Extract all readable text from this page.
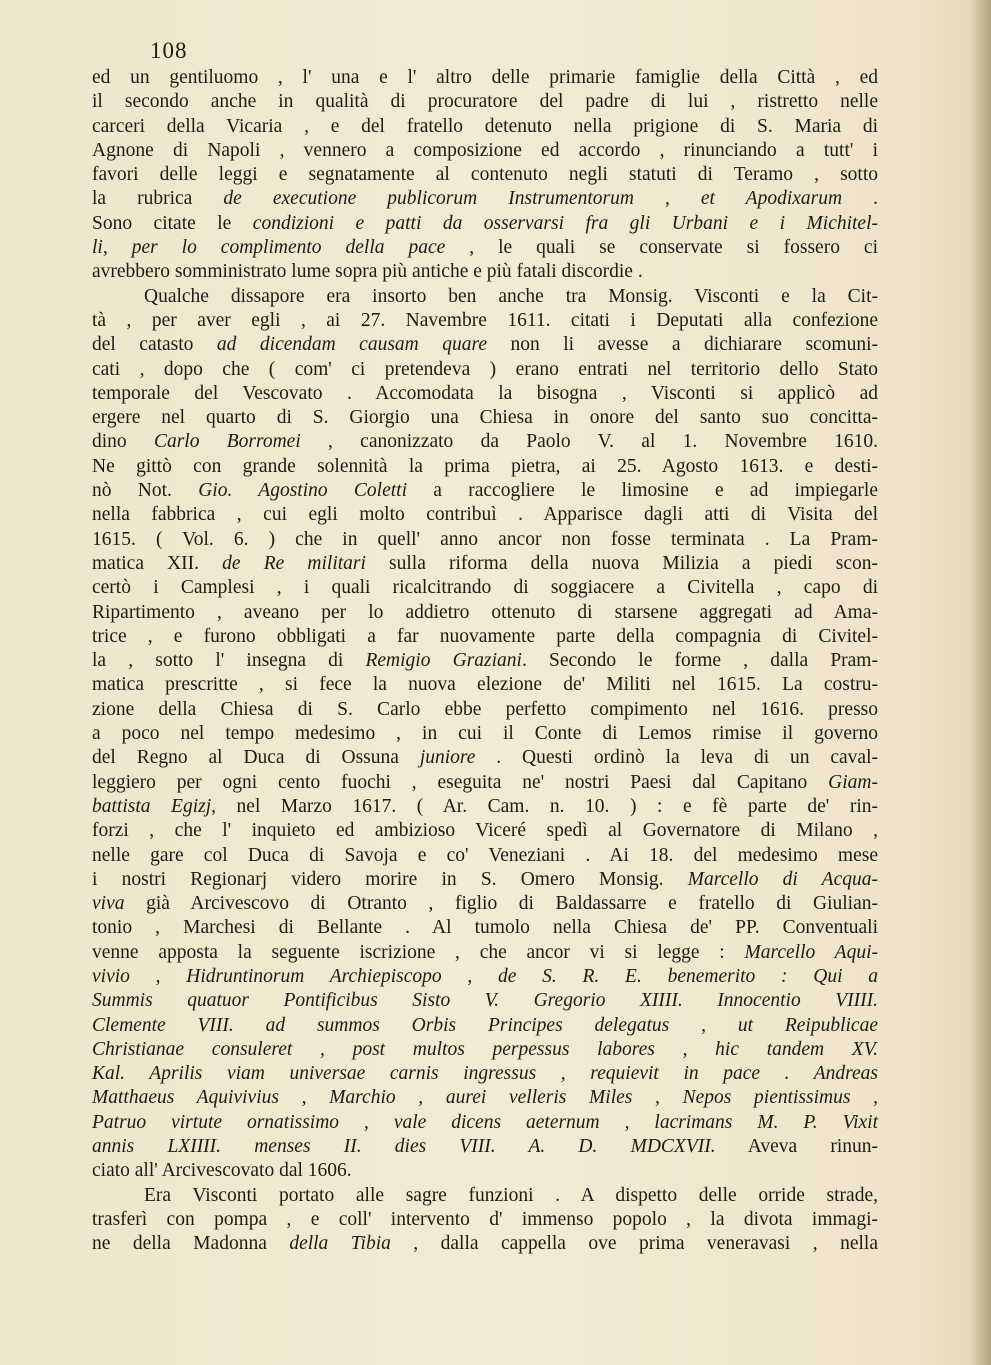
108
ed un gentiluomo , l' una e l' altro delle primarie famiglie della Città , ed
il secondo anche in qualità di procuratore del padre di lui , ristretto nelle
carceri della Vicaria , e del fratello detenuto nella prigione di S. Maria di
Agnone di Napoli , vennero a composizione ed accordo , rinunciando a tutt' i
favori delle leggi e segnatamente al contenuto negli statuti di Teramo , sotto
la rubrica de executione publicorum Instrumentorum , et Apodixarum .
Sono citate le condizioni e patti da osservarsi fra gli Urbani e i Michitel-
li, per lo complimento della pace , le quali se conservate si fossero ci
avrebbero somministrato lume sopra più antiche e più fatali discordie .
Qualche dissapore era insorto ben anche tra Monsig. Visconti e la Cit-
tà , per aver egli , ai 27. Navembre 1611. citati i Deputati alla confezione
del catasto ad dicendam causam quare non li avesse a dichiarare scomuni-
cati , dopo che ( com' ci pretendeva ) erano entrati nel territorio dello Stato
temporale del Vescovato . Accomodata la bisogna , Visconti si applicò ad
ergere nel quarto di S. Giorgio una Chiesa in onore del santo suo concitta-
dino Carlo Borromei , canonizzato da Paolo V. al 1. Novembre 1610.
Ne gittò con grande solennità la prima pietra, ai 25. Agosto 1613. e desti-
nò Not. Gio. Agostino Coletti a raccogliere le limosine e ad impiegarle
nella fabbrica , cui egli molto contribuì . Apparisce dagli atti di Visita del
1615. ( Vol. 6. ) che in quell' anno ancor non fosse terminata . La Pram-
matica XII. de Re militari sulla riforma della nuova Milizia a piedi scon-
certò i Camplesi , i quali ricalcitrando di soggiacere a Civitella , capo di
Ripartimento , aveano per lo addietro ottenuto di starsene aggregati ad Ama-
trice , e furono obbligati a far nuovamente parte della compagnia di Civitel-
la , sotto l' insegna di Remigio Graziani. Secondo le forme , dalla Pram-
matica prescritte , si fece la nuova elezione de' Militi nel 1615. La costru-
zione della Chiesa di S. Carlo ebbe perfetto compimento nel 1616. presso
a poco nel tempo medesimo , in cui il Conte di Lemos rimise il governo
del Regno al Duca di Ossuna juniore . Questi ordinò la leva di un caval-
leggiero per ogni cento fuochi , eseguita ne' nostri Paesi dal Capitano Giam-
battista Egizj, nel Marzo 1617. ( Ar. Cam. n. 10. ) : e fè parte de' rin-
forzi , che l' inquieto ed ambizioso Viceré spedì al Governatore di Milano ,
nelle gare col Duca di Savoja e co' Veneziani . Ai 18. del medesimo mese
i nostri Regionarj videro morire in S. Omero Monsig. Marcello di Acqua-
viva già Arcivescovo di Otranto , figlio di Baldassarre e fratello di Giulian-
tonio , Marchesi di Bellante . Al tumolo nella Chiesa de' PP. Conventuali
venne apposta la seguente iscrizione , che ancor vi si legge : Marcello Aqui-
vivio , Hidruntinorum Archiepiscopo , de S. R. E. benemerito : Qui a
Summis quatuor Pontificibus Sisto V. Gregorio XIIII. Innocentio VIIII.
Clemente VIII. ad summos Orbis Principes delegatus , ut Reipublicae
Christianae consuleret , post multos perpessus labores , hic tandem XV.
Kal. Aprilis viam universae carnis ingressus , requievit in pace . Andreas
Matthaeus Aquivivius , Marchio , aurei velleris Miles , Nepos pientissimus ,
Patruo virtute ornatissimo , vale dicens aeternum , lacrimans M. P. Vixit
annis LXIIII. menses II. dies VIII. A. D. MDCXVII. Aveva rinun-
ciato all' Arcivescovato dal 1606.
Era Visconti portato alle sagre funzioni . A dispetto delle orride strade,
trasferì con pompa , e coll' intervento d' immenso popolo , la divota immagi-
ne della Madonna della Tibia , dalla cappella ove prima veneravasi , nella
